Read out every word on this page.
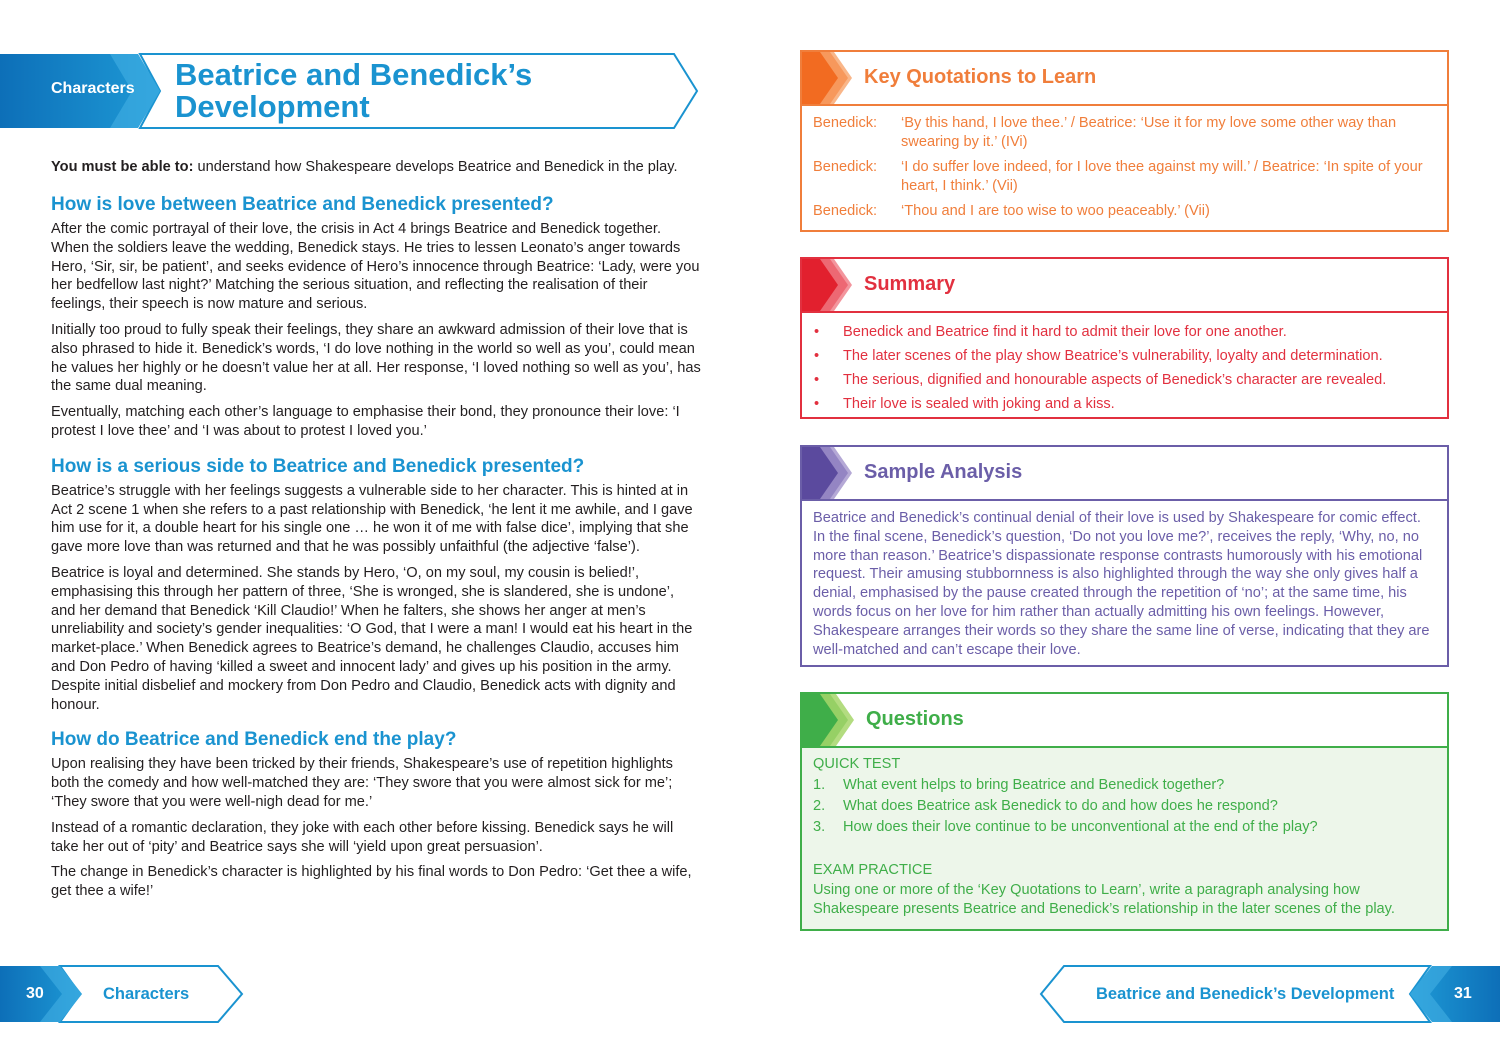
Characters Beatrice and Benedick’s
Development

You must be able to: understand how Shakespeare develops Beatrice and Benedick in the play.

How is love between Beatrice and Benedick presented?

After the comic portrayal of their love, the crisis in Act 4 brings Beatrice and Benedick together. When the soldiers leave the wedding, Benedick stays. He tries to lessen Leonato’s anger towards Hero, ‘Sir, sir, be patient’, and seeks evidence of Hero’s innocence through Beatrice: ‘Lady, were you her bedfellow last night?’ Matching the serious situation, and reflecting the realisation of their feelings, their speech is now mature and serious.

Initially too proud to fully speak their feelings, they share an awkward admission of their love that is also phrased to hide it. Benedick’s words, ‘I do love nothing in the world so well as you’, could mean he values her highly or he doesn’t value her at all. Her response, ‘I loved nothing so well as you’, has the same dual meaning.

Eventually, matching each other’s language to emphasise their bond, they pronounce their love: ‘I protest I love thee’ and ‘I was about to protest I loved you.’

How is a serious side to Beatrice and Benedick presented?

Beatrice’s struggle with her feelings suggests a vulnerable side to her character. This is hinted at in Act 2 scene 1 when she refers to a past relationship with Benedick, ‘he lent it me awhile, and I gave him use for it, a double heart for his single one … he won it of me with false dice’, implying that she gave more love than was returned and that he was possibly unfaithful (the adjective ‘false’).

Beatrice is loyal and determined. She stands by Hero, ‘O, on my soul, my cousin is belied!’, emphasising this through her pattern of three, ‘She is wronged, she is slandered, she is undone’, and her demand that Benedick ‘Kill Claudio!’ When he falters, she shows her anger at men’s unreliability and society’s gender inequalities: ‘O God, that I were a man! I would eat his heart in the market-place.’ When Benedick agrees to Beatrice’s demand, he challenges Claudio, accuses him and Don Pedro of having ‘killed a sweet and innocent lady’ and gives up his position in the army. Despite initial disbelief and mockery from Don Pedro and Claudio, Benedick acts with dignity and honour.

How do Beatrice and Benedick end the play?

Upon realising they have been tricked by their friends, Shakespeare’s use of repetition highlights both the comedy and how well-matched they are: ‘They swore that you were almost sick for me’; ‘They swore that you were well-nigh dead for me.’

Instead of a romantic declaration, they joke with each other before kissing. Benedick says he will take her out of ‘pity’ and Beatrice says she will ‘yield upon great persuasion’.

The change in Benedick’s character is highlighted by his final words to Don Pedro: ‘Get thee a wife, get thee a wife!’

Key Quotations to Learn
Benedick:	‘By this hand, I love thee.’ / Beatrice: ‘Use it for my love some other way than swearing by it.’ (IVi)
Benedick:	‘I do suffer love indeed, for I love thee against my will.’ / Beatrice: ‘In spite of your heart, I think.’ (Vii)
Benedick:	‘Thou and I are too wise to woo peaceably.’ (Vii)
Summary
• Benedick and Beatrice find it hard to admit their love for one another.
• The later scenes of the play show Beatrice’s vulnerability, loyalty and determination.
• The serious, dignified and honourable aspects of Benedick’s character are revealed.
• Their love is sealed with joking and a kiss.
Sample Analysis

Beatrice and Benedick’s continual denial of their love is used by Shakespeare for comic effect. In the final scene, Benedick’s question, ‘Do not you love me?’, receives the reply, ‘Why, no, no more than reason.’ Beatrice’s dispassionate response contrasts humorously with his emotional request. Their amusing stubbornness is also highlighted through the way she only gives half a denial, emphasised by the pause created through the repetition of ‘no’; at the same time, his words focus on her love for him rather than actually admitting his own feelings. However, Shakespeare arranges their words so they share the same line of verse, indicating that they are well-matched and can’t escape their love.

Questions
QUICK TEST
1.	What event helps to bring Beatrice and Benedick together?
2.	What does Beatrice ask Benedick to do and how does he respond?
3.	How does their love continue to be unconventional at the end of the play?
EXAM PRACTICE

Using one or more of the ‘Key Quotations to Learn’, write a paragraph analysing how Shakespeare presents Beatrice and Benedick’s relationship in the later scenes of the play.

30	Characters	Beatrice and Benedick’s Development	31
